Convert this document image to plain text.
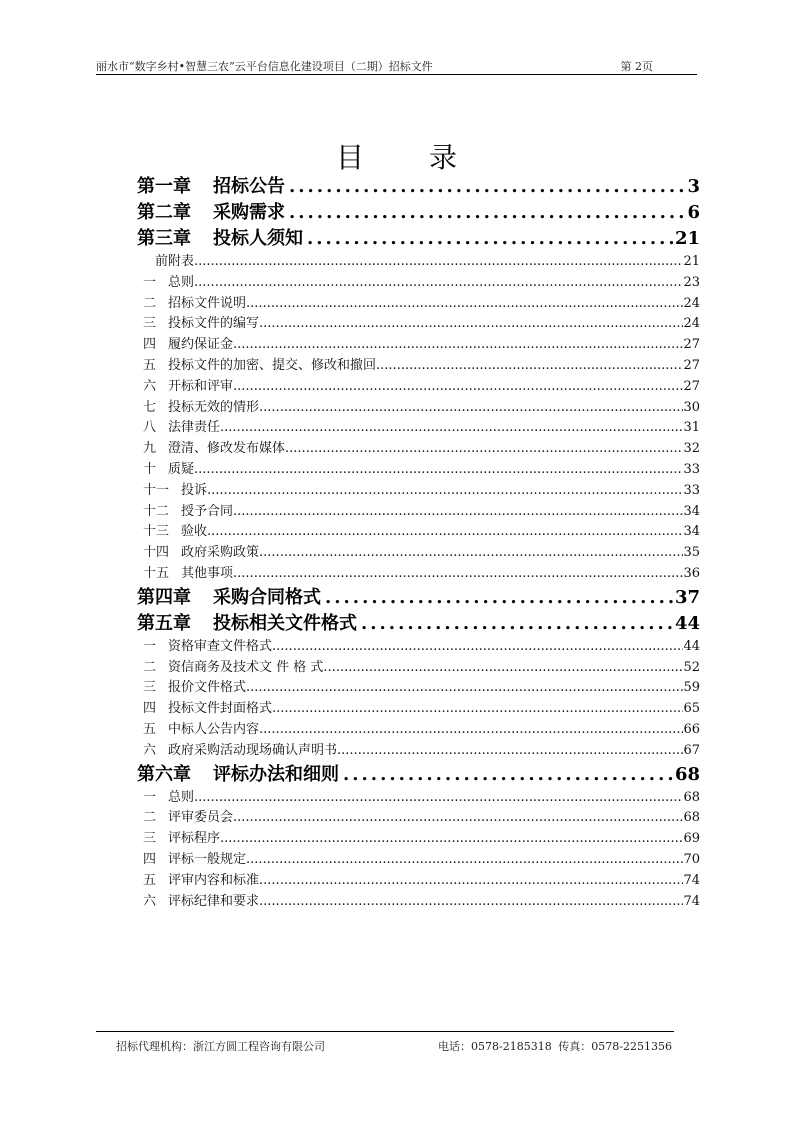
丽水市“数字乡村•智慧三农”云平台信息化建设项目（二期）招标文件	第 2页
目 录
第一章 招标公告 .....	3
第二章 采购需求 .....	6
第三章 投标人须知 .....	21
前附表 .....	21
一 总则 .....	23
二 招标文件说明 .....	24
三 投标文件的编写 .....	24
四 履约保证金 .....	27
五 投标文件的加密、提交、修改和撤回 .....	27
六 开标和评审 .....	27
七 投标无效的情形 .....	30
八 法律责任 .....	31
九 澄清、修改发布媒体 .....	32
十 质疑 .....	33
十一 投诉 .....	33
十二 授予合同 .....	34
十三 验收 .....	34
十四 政府采购政策 .....	35
十五 其他事项 .....	36
第四章 采购合同格式 .....	37
第五章 投标相关文件格式 .....	44
一 资格审查文件格式 .....	44
二 资信商务及技术文 件 格 式 .....	52
三 报价文件格式 .....	59
四 投标文件封面格式 .....	65
五 中标人公告内容 .....	66
六 政府采购活动现场确认声明书 .....	67
第六章 评标办法和细则 .....	68
一 总则 .....	68
二 评审委员会 .....	68
三 评标程序 .....	69
四 评标一般规定 .....	70
五 评审内容和标准 .....	74
六 评标纪律和要求 .....	74
招标代理机构：浙江方圆工程咨询有限公司	电话：0578-2185318 传真：0578-2251356
